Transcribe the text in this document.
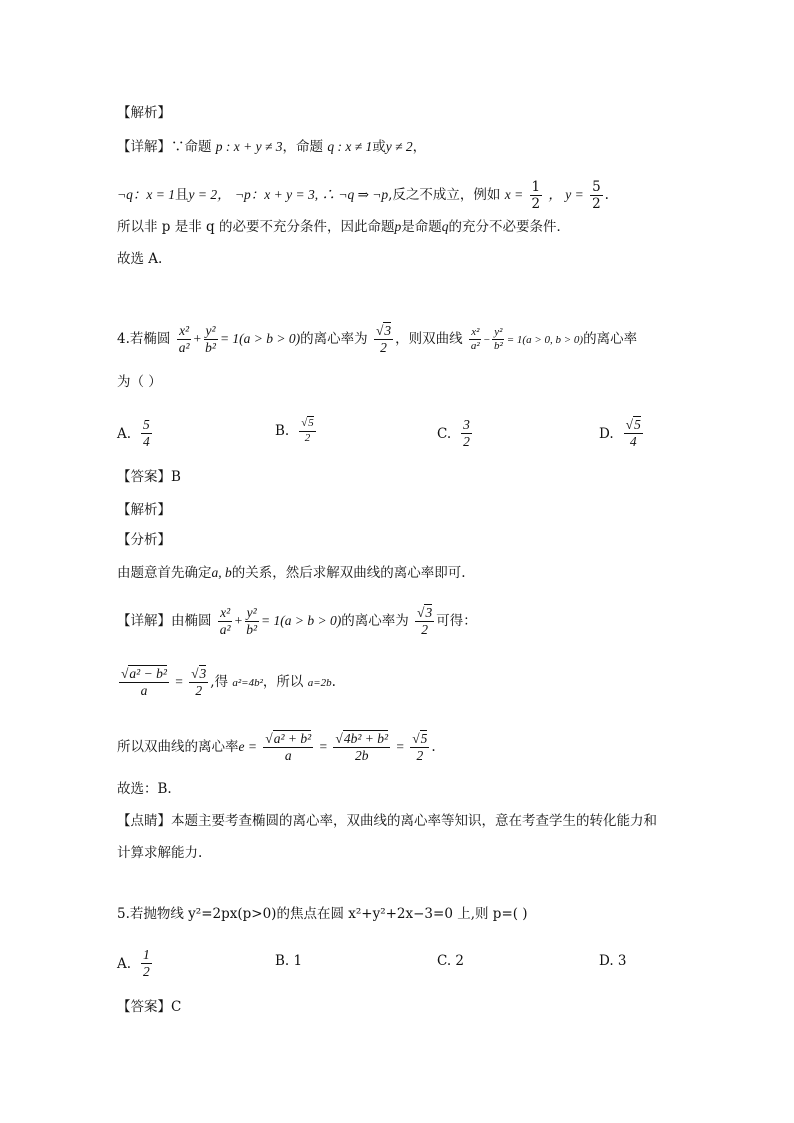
【解析】
【详解】∵命题 p : x + y ≠ 3，命题 q : x ≠ 1或y ≠ 2，
¬q：x = 1且y = 2， ¬p：x + y = 3, ∴ ¬q ⇒ ¬p,反之不成立，例如 $x = \frac{1}{2}$ ， $y = \frac{5}{2}$ .
所以非 p 是非 q 的必要不充分条件，因此命题p是命题q的充分不必要条件．
故选 A.
4.若椭圆 $\frac{\text{x²}}{\text{a²}} + \frac{\text{y²}}{\text{b²}} = 1(a > b > 0)$的离心率为 $\frac{√3}{2}$ ，则双曲线 $\frac{\text{x²}}{\text{a²}} - \frac{\text{y²}}{\text{b²}} = 1(a > 0$, b > 0)的离心率
为（ ）
A. $\frac{5}{4}$	B. $\frac{√5}{2}$	C. $\frac{3}{2}$	D. $\frac{√5}{4}$
【答案】B
【解析】
【分析】
由题意首先确定a, b的关系，然后求解双曲线的离心率即可.
【详解】由椭圆 $\frac{\text{x²}}{\text{a²}} + \frac{\text{y²}}{\text{b²}} = 1(a > b > 0)$的离心率为 $\frac{√3}{2}$ 可得：
$\frac{\text{√a² − b²}}{a} = \frac{√3}{2}$ ,得 a²=4b²，所以 a=2b.
所以双曲线的离心率$e = \frac{\text{√a² + b²}}{a} = \frac{\text{√4b² + b²}}{2b} = \frac{√5}{2}$ .
故选：B.
【点睛】本题主要考查椭圆的离心率，双曲线的离心率等知识，意在考查学生的转化能力和
计算求解能力.
5.若抛物线 y²=2px(p>0)的焦点在圆 x²+y²+2x−3=0 上,则 p=( )
A. $\frac{1}{2}$	B. 1	C. 2	D. 3
【答案】C
